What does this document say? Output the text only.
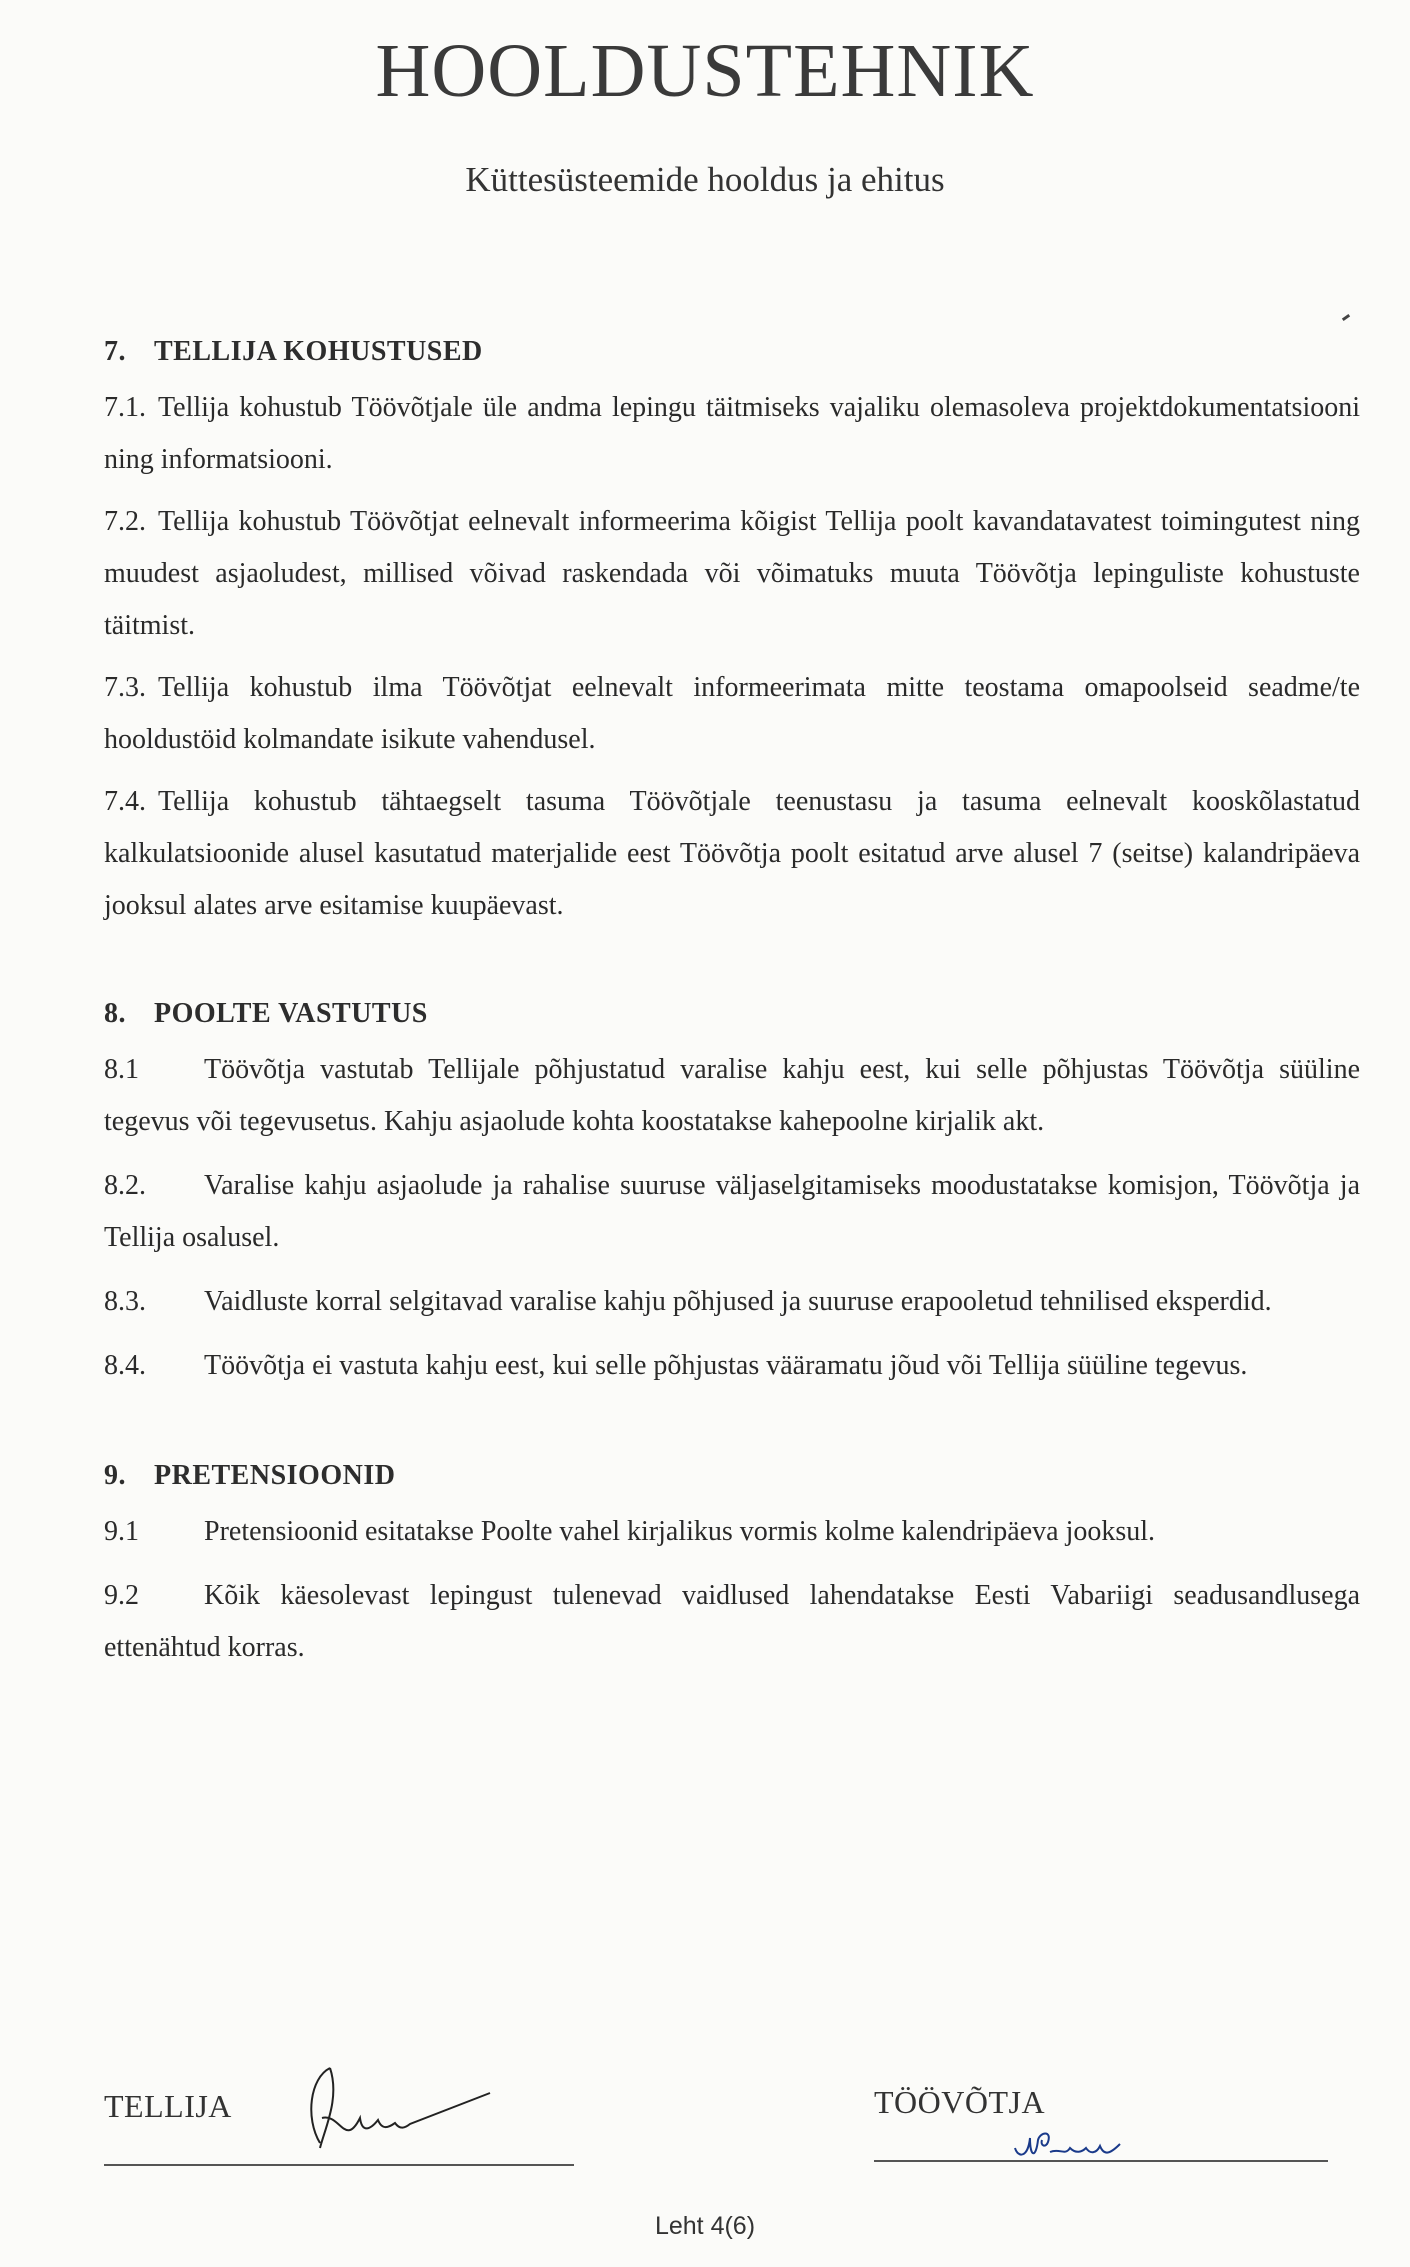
HOOLDUSTEHNIK
Küttesüsteemide hooldus ja ehitus
7. TELLIJA KOHUSTUSED
7.1. Tellija kohustub Töövõtjale üle andma lepingu täitmiseks vajaliku olemasoleva projektdokumentatsiooni ning informatsiooni.
7.2. Tellija kohustub Töövõtjat eelnevalt informeerima kõigist Tellija poolt kavandatavatest toimingutest ning muudest asjaoludest, millised võivad raskendada või võimatuks muuta Töövõtja lepinguliste kohustuste täitmist.
7.3. Tellija kohustub ilma Töövõtjat eelnevalt informeerimata mitte teostama omapoolseid seadme/te hooldustöid kolmandate isikute vahendusel.
7.4. Tellija kohustub tähtaegselt tasuma Töövõtjale teenustasu ja tasuma eelnevalt kooskõlastatud kalkulatsioonide alusel kasutatud materjalide eest Töövõtja poolt esitatud arve alusel 7 (seitse) kalandripäeva jooksul alates arve esitamise kuupäevast.
8. POOLTE VASTUTUS
8.1 Töövõtja vastutab Tellijale põhjustatud varalise kahju eest, kui selle põhjustas Töövõtja süüline tegevus või tegevusetus. Kahju asjaolude kohta koostatakse kahepoolne kirjalik akt.
8.2. Varalise kahju asjaolude ja rahalise suuruse väljaselgitamiseks moodustatakse komisjon, Töövõtja ja Tellija osalusel.
8.3. Vaidluste korral selgitavad varalise kahju põhjused ja suuruse erapooletud tehnilised eksperdid.
8.4. Töövõtja ei vastuta kahju eest, kui selle põhjustas vääramatu jõud või Tellija süüline tegevus.
9. PRETENSIOONID
9.1 Pretensioonid esitatakse Poolte vahel kirjalikus vormis kolme kalendripäeva jooksul.
9.2 Kõik käesolevast lepingust tulenevad vaidlused lahendatakse Eesti Vabariigi seadusandlusega ettenähtud korras.
TELLIJA	TÖÖVÕTJA
Leht 4(6)
